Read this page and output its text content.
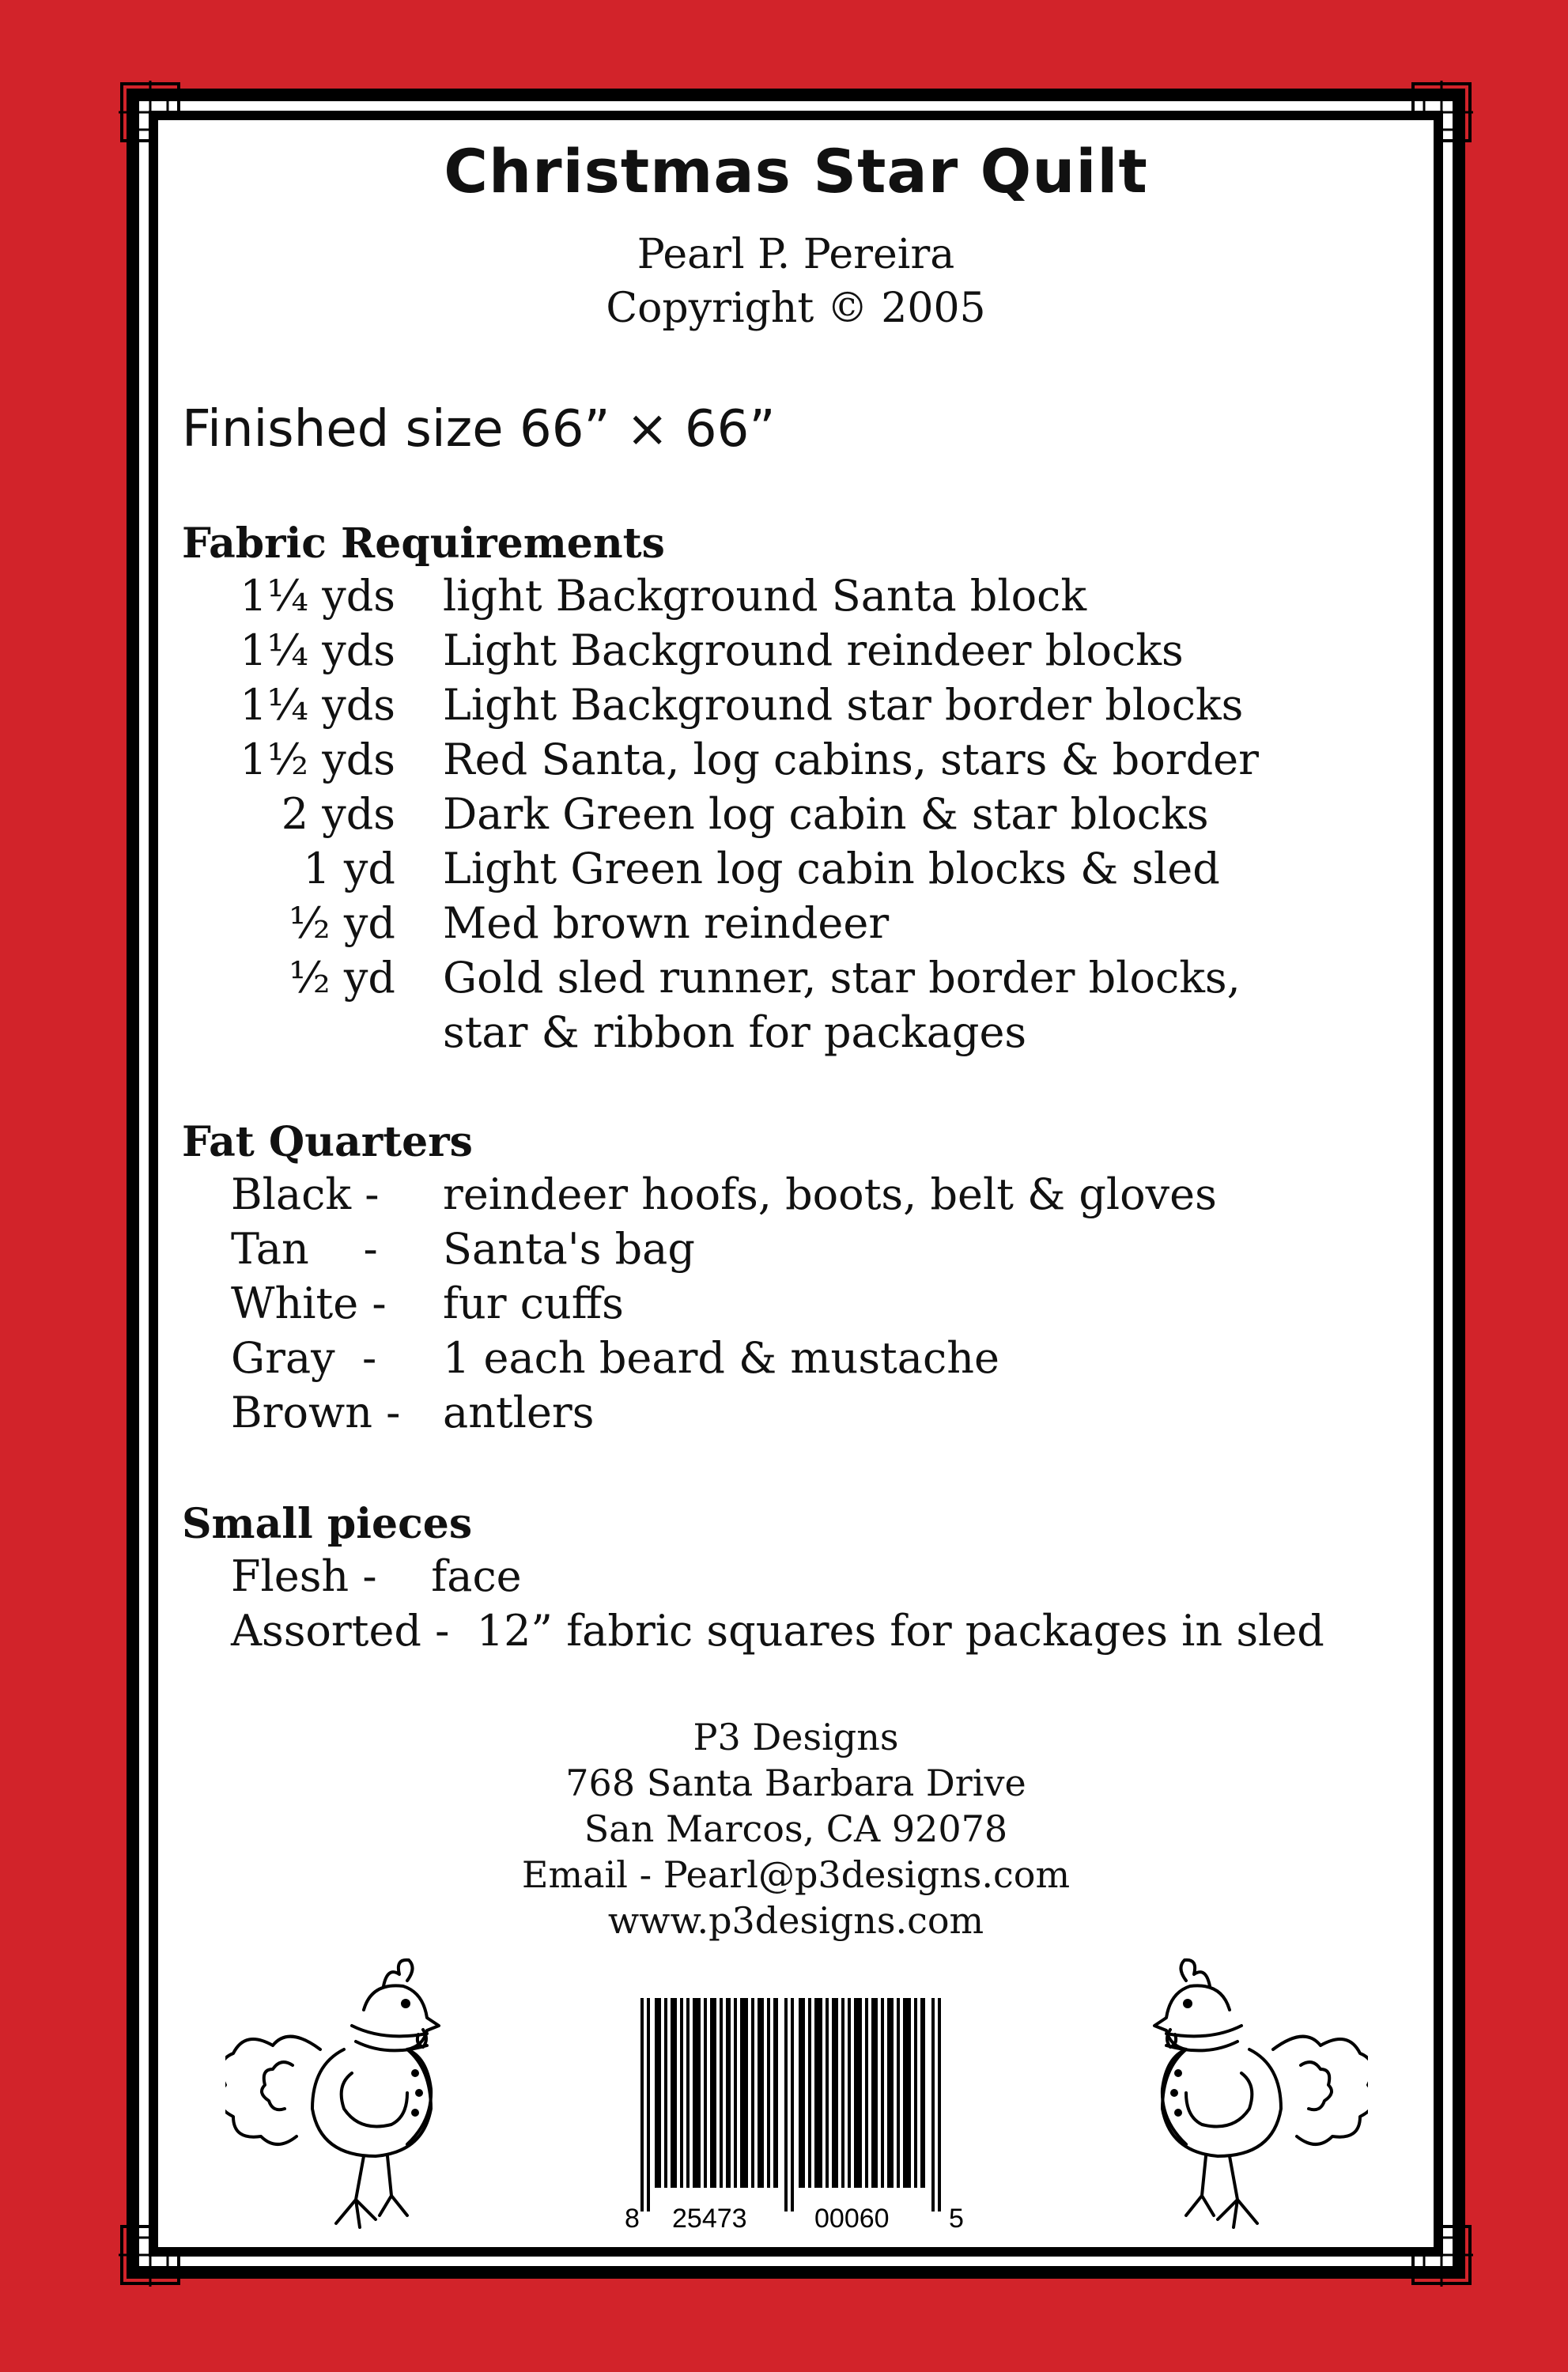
Christmas Star Quilt
Pearl P. Pereira
Copyright © 2005
Finished size 66” × 66”
Fabric Requirements
1¼ yds light Background Santa block
1¼ yds Light Background reindeer blocks
1¼ yds Light Background star border blocks
1½ yds Red Santa, log cabins, stars & border
2 yds Dark Green log cabin & star blocks
1 yd Light Green log cabin blocks & sled
½ yd Med brown reindeer
½ yd Gold sled runner, star border blocks,
star & ribbon for packages
Fat Quarters
Black - reindeer hoofs, boots, belt & gloves
Tan    - Santa's bag
White - fur cuffs
Gray  - 1 each beard & mustache
Brown - antlers
Small pieces
Flesh -    face
Assorted -  12” fabric squares for packages in sled
P3 Designs
768 Santa Barbara Drive
San Marcos, CA 92078
Email - Pearl@p3designs.com
www.p3designs.com
8 25473	00060 5
